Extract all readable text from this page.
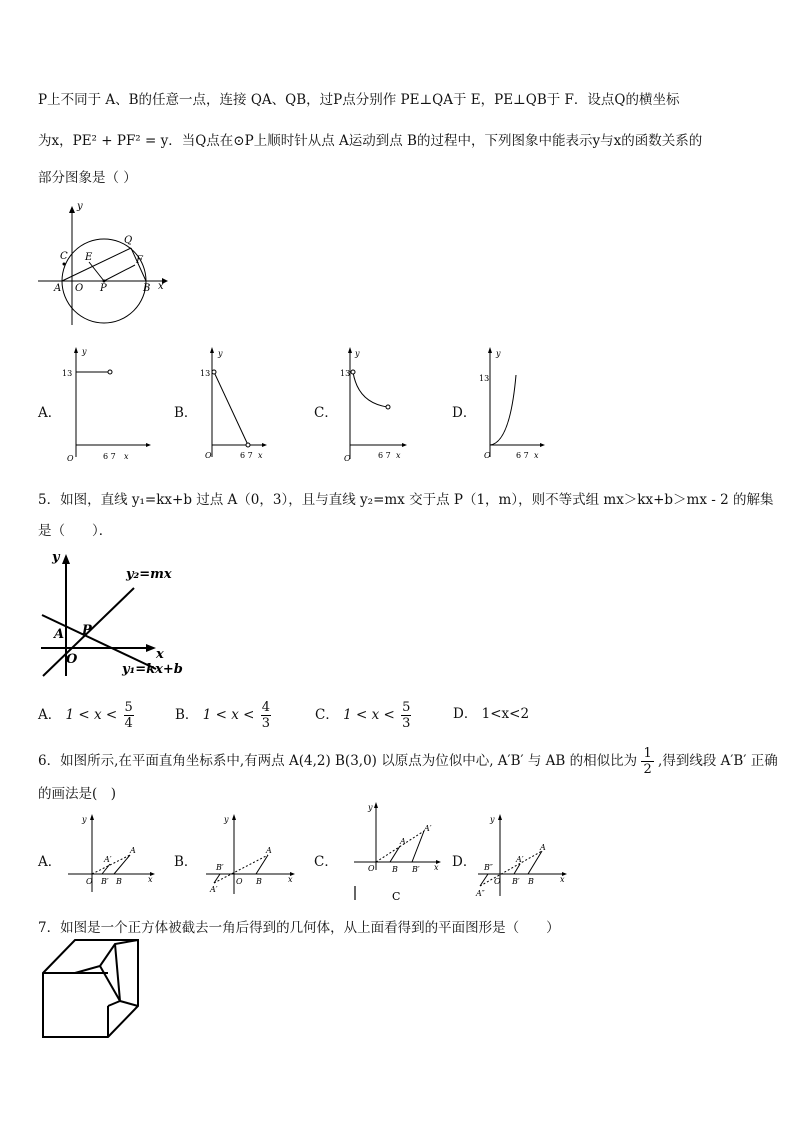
P上不同于 A、B的任意一点，连接 QA、QB，过P点分别作 PE⊥QA于 E，PE⊥QB于 F．设点Q的横坐标
为x，PE² + PF² = y．当Q点在⊙P上顺时针从点 A运动到点 B的过程中，下列图象中能表示y与x的函数关系的
部分图象是（ ）
y
x
C
Q
E	F
A O P	B
A．
13
6 7
O
y
x
B．
13
6 7
O
y
x
C．
13
6 7
O
y
x
D．
13
6 7
O
y
x
5．如图，直线 y₁=kx+b 过点 A（0，3），且与直线 y₂=mx 交于点 P（1，m），则不等式组 mx＞kx+b＞mx - 2 的解集
是（　　）．
y
x
y₂=mx
y₁=kx+b
A P
O
A． $1 < x < \frac{5}{4}$	B． $1 < x < \frac{4}{3}$	C． $1 < x < \frac{5}{3}$	D． 1<x<2
6．如图所示,在平面直角坐标系中,有两点 A(4,2) B(3,0) 以原点为位似中心, A′B′ 与 AB 的相似比为 $\frac{1}{2}$ ,得到线段 A′B′ 正确
的画法是(　)
A．
A
A′
O B′ B	x
y
B．
A
A′
B′
O B	x
y
C．
A′
A
O B B′ x
y
C
D．
A
A′
A″
B″
O B′ B	x
y
7．如图是一个正方体被截去一角后得到的几何体，从上面看得到的平面图形是（　　）
